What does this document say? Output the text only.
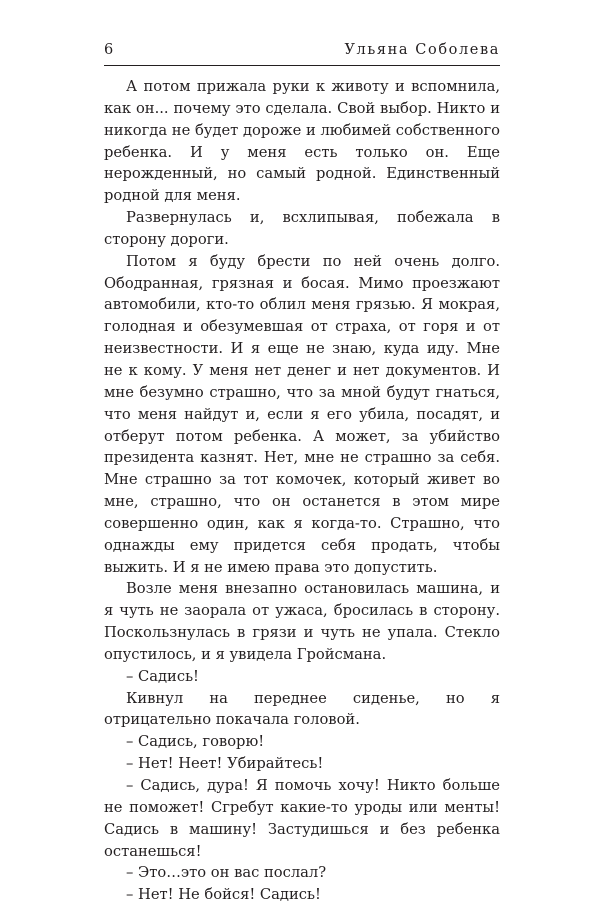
6	Ульяна Соболева

А потом прижала руки к животу и вспомнила, как он... почему это сделала. Свой выбор. Никто и никогда не будет дороже и любимей собственного ребенка. И у меня есть только он. Еще нерожденный, но самый родной. Единственный родной для меня.

Развернулась и, всхлипывая, побежала в сторону дороги.

Потом я буду брести по ней очень долго. Ободранная, грязная и босая. Мимо проезжают автомобили, кто-то облил меня грязью. Я мокрая, голодная и обезумевшая от страха, от горя и от неизвестности. И я еще не знаю, куда иду. Мне не к кому. У меня нет денег и нет документов. И мне безумно страшно, что за мной будут гнаться, что меня найдут и, если я его убила, посадят, и отберут потом ребенка. А может, за убийство президента казнят. Нет, мне не страшно за себя. Мне страшно за тот комочек, который живет во мне, страшно, что он останется в этом мире совершенно один, как я когда-то. Страшно, что однажды ему придется себя продать, чтобы выжить. И я не имею права это допустить.

Возле меня внезапно остановилась машина, и я чуть не заорала от ужаса, бросилась в сторону. Поскользнулась в грязи и чуть не упала. Стекло опустилось, и я увидела Гройсмана.

– Садись!

Кивнул на переднее сиденье, но я отрицательно покачала головой.

– Садись, говорю!

– Нет! Неет! Убирайтесь!

– Садись, дура! Я помочь хочу! Никто больше не поможет! Сгребут какие-то уроды или менты! Садись в машину! Застудишься и без ребенка останешься!

– Это…это он вас послал?

– Нет! Не бойся! Садись!
